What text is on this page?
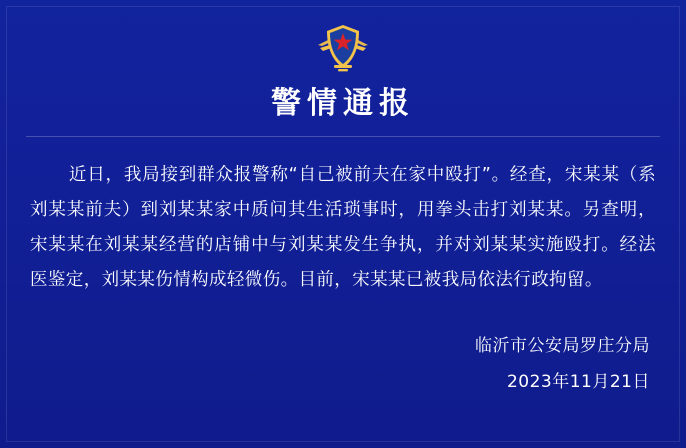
警情通报
近日，我局接到群众报警称“自己被前夫在家中殴打”。经查，宋某某（系刘某某前夫）到刘某某家中质问其生活琐事时，用拳头击打刘某某。另查明，宋某某在刘某某经营的店铺中与刘某某发生争执，并对刘某某实施殴打。经法医鉴定，刘某某伤情构成轻微伤。目前，宋某某已被我局依法行政拘留。
临沂市公安局罗庄分局
2023年11月21日
